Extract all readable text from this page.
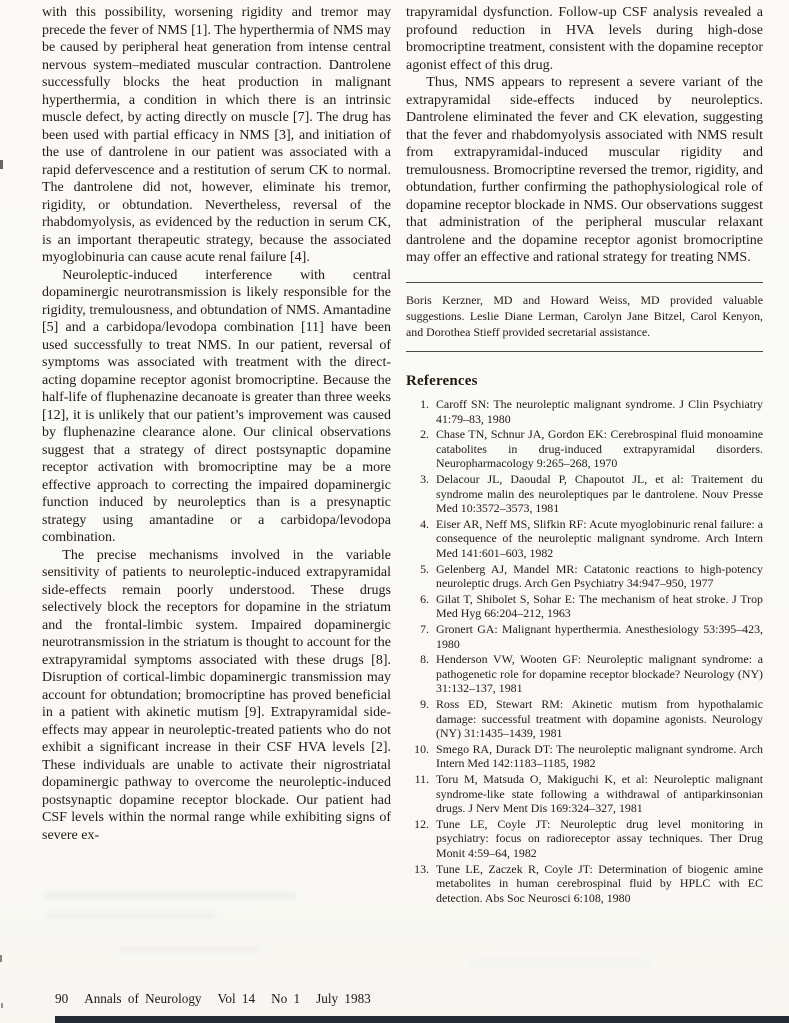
with this possibility, worsening rigidity and tremor may precede the fever of NMS [1]. The hyperthermia of NMS may be caused by peripheral heat generation from intense central nervous system–mediated muscular contraction. Dantrolene successfully blocks the heat production in malignant hyperthermia, a condition in which there is an intrinsic muscle defect, by acting directly on muscle [7]. The drug has been used with partial efficacy in NMS [3], and initiation of the use of dantrolene in our patient was associated with a rapid defervescence and a restitution of serum CK to normal. The dantrolene did not, however, eliminate his tremor, rigidity, or obtundation. Nevertheless, reversal of the rhabdomyolysis, as evidenced by the reduction in serum CK, is an important therapeutic strategy, because the associated myoglobinuria can cause acute renal failure [4].

Neuroleptic-induced interference with central dopaminergic neurotransmission is likely responsible for the rigidity, tremulousness, and obtundation of NMS. Amantadine [5] and a carbidopa/levodopa combination [11] have been used successfully to treat NMS. In our patient, reversal of symptoms was associated with treatment with the direct-acting dopamine receptor agonist bromocriptine. Because the half-life of fluphenazine decanoate is greater than three weeks [12], it is unlikely that our patient’s improvement was caused by fluphenazine clearance alone. Our clinical observations suggest that a strategy of direct postsynaptic dopamine receptor activation with bromocriptine may be a more effective approach to correcting the impaired dopaminergic function induced by neuroleptics than is a presynaptic strategy using amantadine or a carbidopa/levodopa combination.

The precise mechanisms involved in the variable sensitivity of patients to neuroleptic-induced extrapyramidal side-effects remain poorly understood. These drugs selectively block the receptors for dopamine in the striatum and the frontal-limbic system. Impaired dopaminergic neurotransmission in the striatum is thought to account for the extrapyramidal symptoms associated with these drugs [8]. Disruption of cortical-limbic dopaminergic transmission may account for obtundation; bromocriptine has proved beneficial in a patient with akinetic mutism [9]. Extrapyramidal side-effects may appear in neuroleptic-treated patients who do not exhibit a significant increase in their CSF HVA levels [2]. These individuals are unable to activate their nigrostriatal dopaminergic pathway to overcome the neuroleptic-induced postsynaptic dopamine receptor blockade. Our patient had CSF levels within the normal range while exhibiting signs of severe ex-

trapyramidal dysfunction. Follow-up CSF analysis revealed a profound reduction in HVA levels during high-dose bromocriptine treatment, consistent with the dopamine receptor agonist effect of this drug.

Thus, NMS appears to represent a severe variant of the extrapyramidal side-effects induced by neuroleptics. Dantrolene eliminated the fever and CK elevation, suggesting that the fever and rhabdomyolysis associated with NMS result from extrapyramidal-induced muscular rigidity and tremulousness. Bromocriptine reversed the tremor, rigidity, and obtundation, further confirming the pathophysiological role of dopamine receptor blockade in NMS. Our observations suggest that administration of the peripheral muscular relaxant dantrolene and the dopamine receptor agonist bromocriptine may offer an effective and rational strategy for treating NMS.

Boris Kerzner, MD and Howard Weiss, MD provided valuable suggestions. Leslie Diane Lerman, Carolyn Jane Bitzel, Carol Kenyon, and Dorothea Stieff provided secretarial assistance.

References
1. Caroff SN: The neuroleptic malignant syndrome. J Clin Psychiatry 41:79–83, 1980
2. Chase TN, Schnur JA, Gordon EK: Cerebrospinal fluid monoamine catabolites in drug-induced extrapyramidal disorders. Neuropharmacology 9:265–268, 1970
3. Delacour JL, Daoudal P, Chapoutot JL, et al: Traitement du syndrome malin des neuroleptiques par le dantrolene. Nouv Presse Med 10:3572–3573, 1981
4. Eiser AR, Neff MS, Slifkin RF: Acute myoglobinuric renal failure: a consequence of the neuroleptic malignant syndrome. Arch Intern Med 141:601–603, 1982
5. Gelenberg AJ, Mandel MR: Catatonic reactions to high-potency neuroleptic drugs. Arch Gen Psychiatry 34:947–950, 1977
6. Gilat T, Shibolet S, Sohar E: The mechanism of heat stroke. J Trop Med Hyg 66:204–212, 1963
7. Gronert GA: Malignant hyperthermia. Anesthesiology 53:395–423, 1980
8. Henderson VW, Wooten GF: Neuroleptic malignant syndrome: a pathogenetic role for dopamine receptor blockade? Neurology (NY) 31:132–137, 1981
9. Ross ED, Stewart RM: Akinetic mutism from hypothalamic damage: successful treatment with dopamine agonists. Neurology (NY) 31:1435–1439, 1981
10. Smego RA, Durack DT: The neuroleptic malignant syndrome. Arch Intern Med 142:1183–1185, 1982
11. Toru M, Matsuda O, Makiguchi K, et al: Neuroleptic malignant syndrome-like state following a withdrawal of antiparkinsonian drugs. J Nerv Ment Dis 169:324–327, 1981
12. Tune LE, Coyle JT: Neuroleptic drug level monitoring in psychiatry: focus on radioreceptor assay techniques. Ther Drug Monit 4:59–64, 1982
13. Tune LE, Zaczek R, Coyle JT: Determination of biogenic amine metabolites in human cerebrospinal fluid by HPLC with EC detection. Abs Soc Neurosci 6:108, 1980
90 Annals of Neurology Vol 14 No 1 July 1983
